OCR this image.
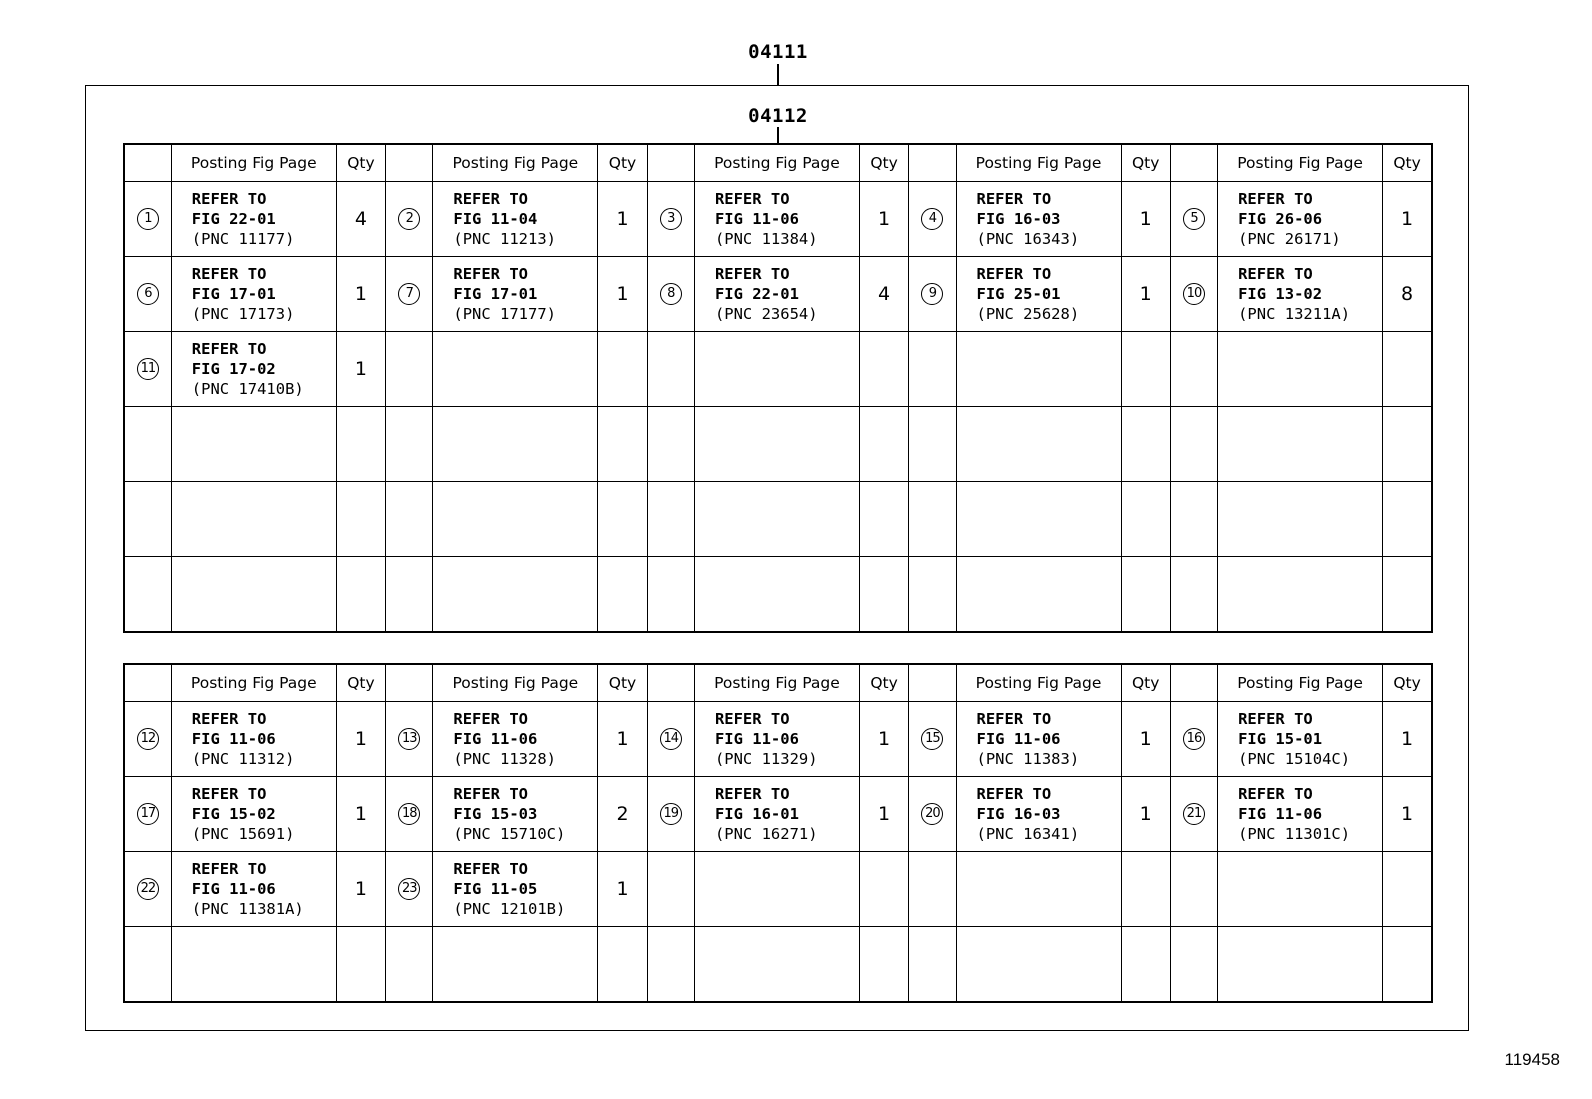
04111
04112
	Posting Fig Page	Qty		Posting Fig Page	Qty		Posting Fig Page	Qty		Posting Fig Page	Qty		Posting Fig Page	Qty
1	REFER TO
FIG 22-01
(PNC 11177)	4	2	REFER TO
FIG 11-04
(PNC 11213)	1	3	REFER TO
FIG 11-06
(PNC 11384)	1	4	REFER TO
FIG 16-03
(PNC 16343)	1	5	REFER TO
FIG 26-06
(PNC 26171)	1
6	REFER TO
FIG 17-01
(PNC 17173)	1	7	REFER TO
FIG 17-01
(PNC 17177)	1	8	REFER TO
FIG 22-01
(PNC 23654)	4	9	REFER TO
FIG 25-01
(PNC 25628)	1	10	REFER TO
FIG 13-02
(PNC 13211A)	8
11	REFER TO
FIG 17-02
(PNC 17410B)	1												

	Posting Fig Page	Qty		Posting Fig Page	Qty		Posting Fig Page	Qty		Posting Fig Page	Qty		Posting Fig Page	Qty
12	REFER TO
FIG 11-06
(PNC 11312)	1	13	REFER TO
FIG 11-06
(PNC 11328)	1	14	REFER TO
FIG 11-06
(PNC 11329)	1	15	REFER TO
FIG 11-06
(PNC 11383)	1	16	REFER TO
FIG 15-01
(PNC 15104C)	1
17	REFER TO
FIG 15-02
(PNC 15691)	1	18	REFER TO
FIG 15-03
(PNC 15710C)	2	19	REFER TO
FIG 16-01
(PNC 16271)	1	20	REFER TO
FIG 16-03
(PNC 16341)	1	21	REFER TO
FIG 11-06
(PNC 11301C)	1
22	REFER TO
FIG 11-06
(PNC 11381A)	1	23	REFER TO
FIG 11-05
(PNC 12101B)	1									

119458
